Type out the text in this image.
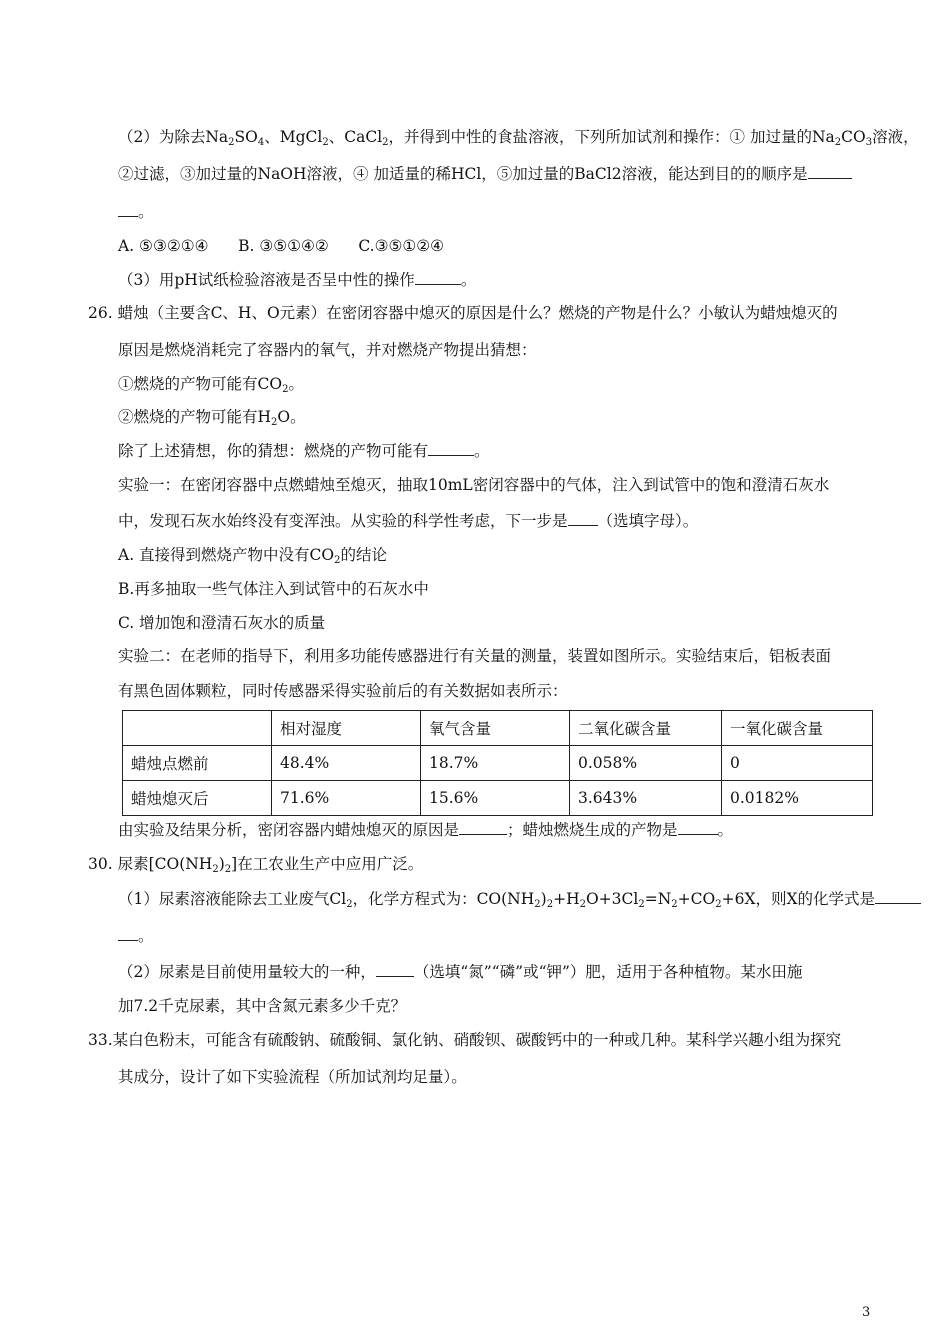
（2）为除去$Na_2SO_4$、MgCl$_2$、CaCl$_2$，并得到中性的食盐溶液，下列所加试剂和操作：① 加过量的$Na_2CO_3$溶液，
②过滤，③加过量的NaOH溶液，④ 加适量的稀HCl，⑤加过量的BaCl2溶液，能达到目的的顺序是
。
A. ⑤③②①④      B. ③⑤①④②      C.③⑤①②④
（3）用pH试纸检验溶液是否呈中性的操作	。
26. 蜡烛（主要含C、H、O元素）在密闭容器中熄灭的原因是什么？燃烧的产物是什么？小敏认为蜡烛熄灭的
原因是燃烧消耗完了容器内的氧气，并对燃烧产物提出猜想：
①燃烧的产物可能有$CO_2$。
②燃烧的产物可能有$H_2O$。
除了上述猜想，你的猜想：燃烧的产物可能有	。
实验一：在密闭容器中点燃蜡烛至熄灭，抽取10mL密闭容器中的气体，注入到试管中的饱和澄清石灰水
中，发现石灰水始终没有变浑浊。从实验的科学性考虑，下一步是 （选填字母）。
A. 直接得到燃烧产物中没有$CO_2$的结论
B.再多抽取一些气体注入到试管中的石灰水中
C. 增加饱和澄清石灰水的质量
实验二：在老师的指导下，利用多功能传感器进行有关量的测量，装置如图所示。实验结束后，铝板表面
有黑色固体颗粒，同时传感器采得实验前后的有关数据如表所示：
	相对湿度	氧气含量	二氧化碳含量	一氧化碳含量
蜡烛点燃前	48.4%	18.7%	0.058%	0
蜡烛熄灭后	71.6%	15.6%	3.643%	0.0182%
由实验及结果分析，密闭容器内蜡烛熄灭的原因是	；蜡烛燃烧生成的产物是	。
30. 尿素$[CO(NH_2)_2]$在工农业生产中应用广泛。
（1）尿素溶液能除去工业废气$Cl_2$，化学方程式为：$CO(NH_2)_2+H_2O+3Cl_2=N_2+CO_2+6X$，则X的化学式是
。
（2）尿素是目前使用量较大的一种， （选填“氮”“磷”或“钾”）肥，适用于各种植物。某水田施
加7.2千克尿素，其中含氮元素多少千克？
33.某白色粉末，可能含有硫酸钠、硫酸铜、氯化钠、硝酸钡、碳酸钙中的一种或几种。某科学兴趣小组为探究
其成分，设计了如下实验流程（所加试剂均足量）。
3
